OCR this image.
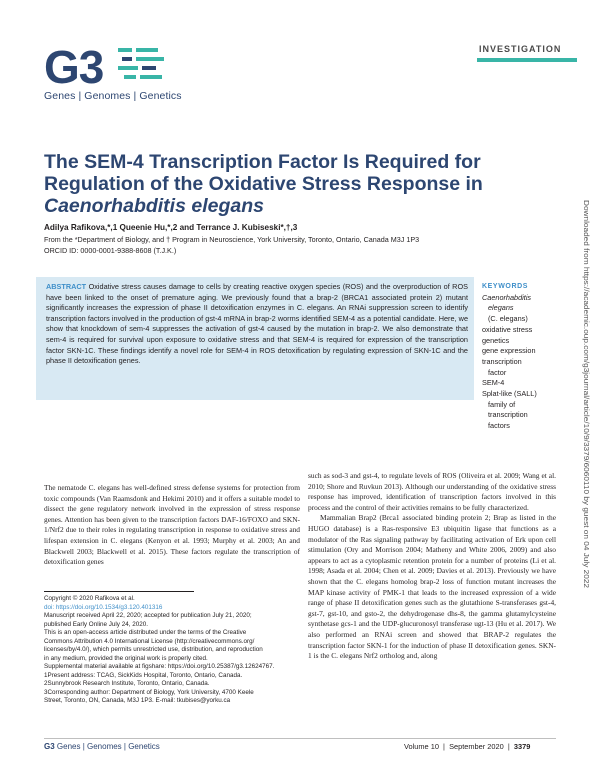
G3
Genes | Genomes | Genetics
INVESTIGATION
The SEM-4 Transcription Factor Is Required for
Regulation of the Oxidative Stress Response in
Caenorhabditis elegans
Adilya Rafikova,*,1 Queenie Hu,*,2 and Terrance J. Kubiseski*,†,3
From the *Department of Biology, and † Program in Neuroscience, York University, Toronto, Ontario, Canada M3J 1P3
ORCID ID: 0000-0001-9388-8608 (T.J.K.)
ABSTRACT Oxidative stress causes damage to cells by creating reactive oxygen species (ROS) and the overproduction of ROS have been linked to the onset of premature aging. We previously found that a brap-2 (BRCA1 associated protein 2) mutant significantly increases the expression of phase II detoxification enzymes in C. elegans. An RNAi suppression screen to identify transcription factors involved in the production of gst-4 mRNA in brap-2 worms identified SEM-4 as a potential candidate. Here, we show that knockdown of sem-4 suppresses the activation of gst-4 caused by the mutation in brap-2. We also demonstrate that sem-4 is required for survival upon exposure to oxidative stress and that SEM-4 is required for expression of the transcription factor SKN-1C. These findings identify a novel role for SEM-4 in ROS detoxification by regulating expression of SKN-1C and the phase II detoxification genes.
KEYWORDS
Caenorhabditis
elegans
(C. elegans)
oxidative stress
genetics
gene expression
transcription
factor
SEM-4
Splat-like (SALL)
family of
transcription
factors	Downloaded from https://academic.oup.com/g3journal/article/10/9/3379/6060110 by guest on 04 July 2022
The nematode C. elegans has well-defined stress defense systems for protection from toxic compounds (Van Raamsdonk and Hekimi 2010) and it offers a suitable model to dissect the gene regulatory network involved in the expression of stress response genes. Attention has been given to the transcription factors DAF-16/FOXO and SKN-1/Nrf2 due to their roles in regulating transcription in response to oxidative stress and lifespan extension in C. elegans (Kenyon et al. 1993; Murphy et al. 2003; An and Blackwell 2003; Blackwell et al. 2015). These factors regulate the transcription of detoxification genes

such as sod-3 and gst-4, to regulate levels of ROS (Oliveira et al. 2009; Wang et al. 2010; Shore and Ruvkun 2013). Although our understanding of the oxidative stress response has improved, identification of transcription factors involved in this process and the control of their activities remains to be fully characterized.

Mammalian Brap2 (Brca1 associated binding protein 2; Brap as listed in the HUGO database) is a Ras-responsive E3 ubiquitin ligase that functions as a modulator of the Ras signaling pathway by facilitating activation of Erk upon cell stimulation (Ory and Morrison 2004; Matheny and White 2006, 2009) and also appears to act as a cytoplasmic retention protein for a number of proteins (Li et al. 1998; Asada et al. 2004; Chen et al. 2009; Davies et al. 2013). Previously we have shown that the C. elegans homolog brap-2 loss of function mutant increases the MAP kinase activity of PMK-1 that leads to the increased expression of a wide range of phase II detoxification genes such as the glutathione S-transferases gst-4, gst-7, gst-10, and gsto-2, the dehydrogenase dhs-8, the gamma glutamylcysteine synthetase gcs-1 and the UDP-glucuronosyl transferase ugt-13 (Hu et al. 2017). We also performed an RNAi screen and showed that BRAP-2 regulates the transcription factor SKN-1 for the induction of phase II detoxification genes. SKN-1 is the C. elegans Nrf2 ortholog and, along

Copyright © 2020 Rafikova et al.
doi: https://doi.org/10.1534/g3.120.401316
Manuscript received April 22, 2020; accepted for publication July 21, 2020;
published Early Online July 24, 2020.
This is an open-access article distributed under the terms of the Creative
Commons Attribution 4.0 International License (http://creativecommons.org/
licenses/by/4.0/), which permits unrestricted use, distribution, and reproduction
in any medium, provided the original work is properly cited.
Supplemental material available at figshare: https://doi.org/10.25387/g3.12624767.
1Present address: TCAG, SickKids Hospital, Toronto, Ontario, Canada.
2Sunnybrook Research Institute, Toronto, Ontario, Canada.
3Corresponding author: Department of Biology, York University, 4700 Keele
Street, Toronto, ON, Canada, M3J 1P3. E-mail: tkubises@yorku.ca
G3 Genes | Genomes | Genetics	Volume 10 | September 2020 | 3379
